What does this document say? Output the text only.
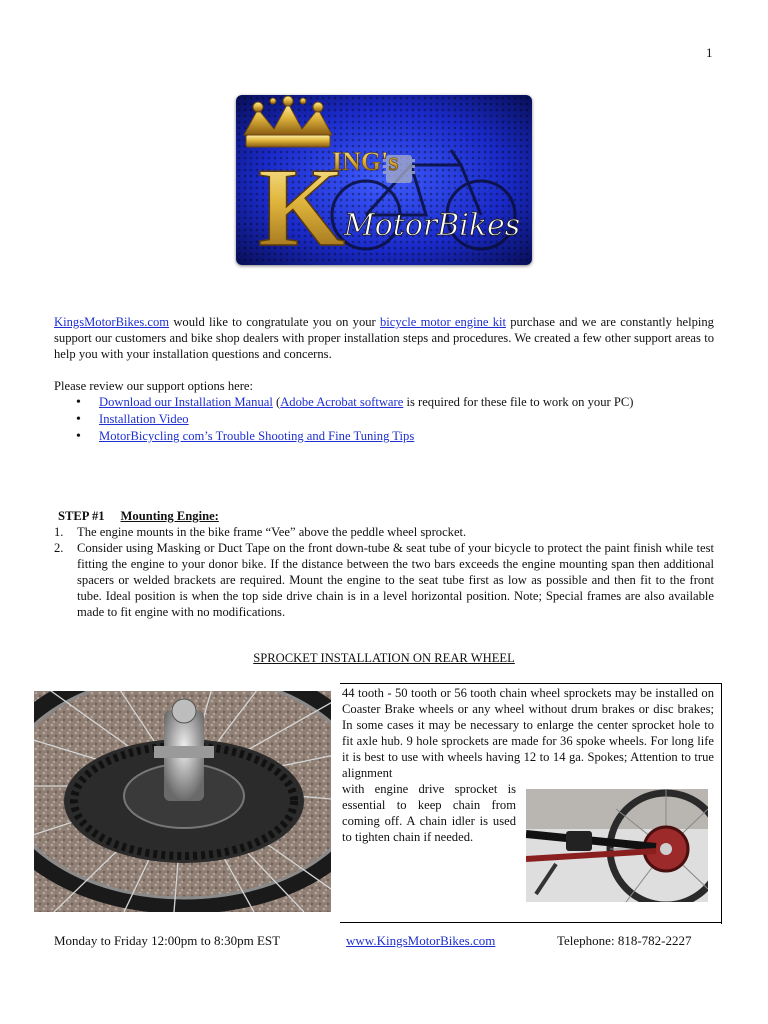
1
K
ING's
MotorBikes
KingsMotorBikes.com would like to congratulate you on your bicycle motor engine kit purchase and we are constantly helping support our customers and bike shop dealers with proper installation steps and procedures. We created a few other support areas to help you with your installation questions and concerns.
Please review our support options here:
• Download our Installation Manual (Adobe Acrobat software is required for these file to work on your PC)
• Installation Video
• MotorBicycling com’s Trouble Shooting and Fine Tuning Tips
STEP #1 Mounting Engine:
1. The engine mounts in the bike frame “Vee” above the peddle wheel sprocket.
2. Consider using Masking or Duct Tape on the front down-tube & seat tube of your bicycle to protect the paint finish while test fitting the engine to your donor bike. If the distance between the two bars exceeds the engine mounting span then additional spacers or welded brackets are required. Mount the engine to the seat tube first as low as possible and then fit to the front tube. Ideal position is when the top side drive chain is in a level horizontal position. Note; Special frames are also available made to fit engine with no modifications.
SPROCKET INSTALLATION ON REAR WHEEL
44 tooth - 50 tooth or 56 tooth chain wheel sprockets may be installed on Coaster Brake wheels or any wheel without drum brakes or disc brakes; In some cases it may be necessary to enlarge the center sprocket hole to fit axle hub. 9 hole sprockets are made for 36 spoke wheels. For long life it is best to use with wheels having 12 to 14 ga. Spokes; Attention to true alignment
with engine drive sprocket is essential to keep chain from coming off. A chain idler is used to tighten chain if needed.
Monday to Friday 12:00pm to 8:30pm EST	www.KingsMotorBikes.com	Telephone: 818-782-2227
